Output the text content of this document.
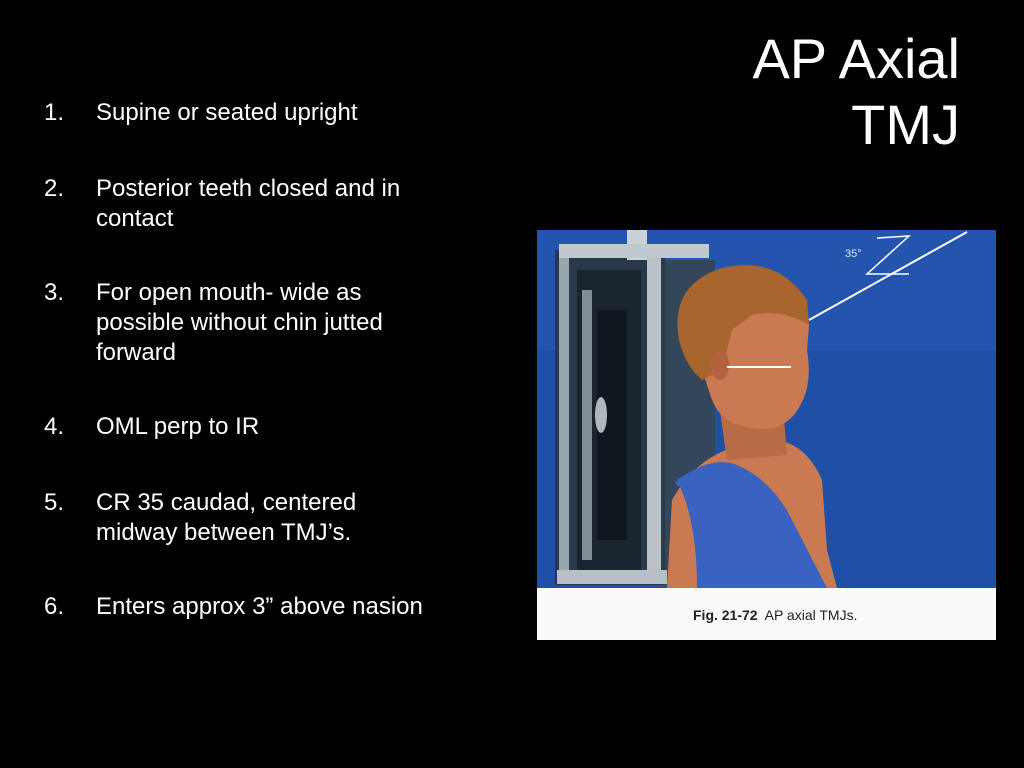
AP Axial
TMJ
1. Supine or seated upright
2. Posterior teeth closed and in contact
3. For open mouth- wide as possible without chin jutted forward
4. OML perp to IR
5. CR 35 caudad, centered midway between TMJ’s.
6. Enters approx 3” above nasion
35°
Fig. 21-72 AP axial TMJs.
